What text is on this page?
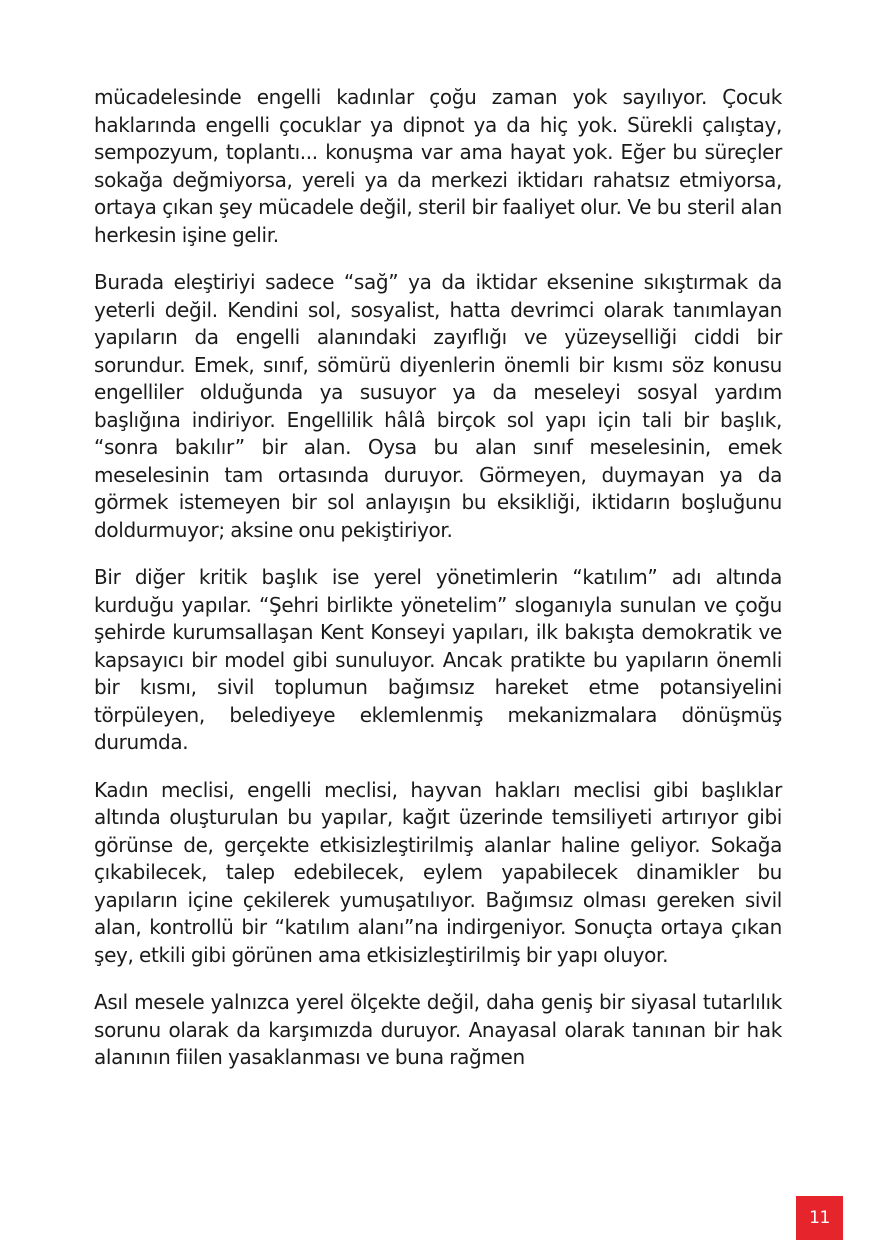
mücadelesinde engelli kadınlar çoğu zaman yok sayılıyor. Çocuk haklarında engelli çocuklar ya dipnot ya da hiç yok. Sürekli çalıştay, sempozyum, toplantı... konuşma var ama hayat yok. Eğer bu süreçler sokağa değmiyorsa, yereli ya da merkezi iktidarı rahatsız etmiyorsa, ortaya çıkan şey mücadele değil, steril bir faaliyet olur. Ve bu steril alan herkesin işine gelir.

Burada eleştiriyi sadece “sağ” ya da iktidar eksenine sıkıştırmak da yeterli değil. Kendini sol, sosyalist, hatta devrimci olarak tanımlayan yapıların da engelli alanındaki zayıflığı ve yüzeyselliği ciddi bir sorundur. Emek, sınıf, sömürü diyenlerin önemli bir kısmı söz konusu engelliler olduğunda ya susuyor ya da meseleyi sosyal yardım başlığına indiriyor. Engellilik hâlâ birçok sol yapı için tali bir başlık, “sonra bakılır” bir alan. Oysa bu alan sınıf meselesinin, emek meselesinin tam ortasında duruyor. Görmeyen, duymayan ya da görmek istemeyen bir sol anlayışın bu eksikliği, iktidarın boşluğunu doldurmuyor; aksine onu pekiştiriyor.

Bir diğer kritik başlık ise yerel yönetimlerin “katılım” adı altında kurduğu yapılar. “Şehri birlikte yönetelim” sloganıyla sunulan ve çoğu şehirde kurumsallaşan Kent Konseyi yapıları, ilk bakışta demokratik ve kapsayıcı bir model gibi sunuluyor. Ancak pratikte bu yapıların önemli bir kısmı, sivil toplumun bağımsız hareket etme potansiyelini törpüleyen, belediyeye eklemlenmiş mekanizmalara dönüşmüş durumda.

Kadın meclisi, engelli meclisi, hayvan hakları meclisi gibi başlıklar altında oluşturulan bu yapılar, kağıt üzerinde temsiliyeti artırıyor gibi görünse de, gerçekte etkisizleştirilmiş alanlar haline geliyor. Sokağa çıkabilecek, talep edebilecek, eylem yapabilecek dinamikler bu yapıların içine çekilerek yumuşatılıyor. Bağımsız olması gereken sivil alan, kontrollü bir “katılım alanı”na indirgeniyor. Sonuçta ortaya çıkan şey, etkili gibi görünen ama etkisizleştirilmiş bir yapı oluyor.

Asıl mesele yalnızca yerel ölçekte değil, daha geniş bir siyasal tutarlılık sorunu olarak da karşımızda duruyor. Anayasal olarak tanınan bir hak alanının fiilen yasaklanması ve buna rağmen

11
